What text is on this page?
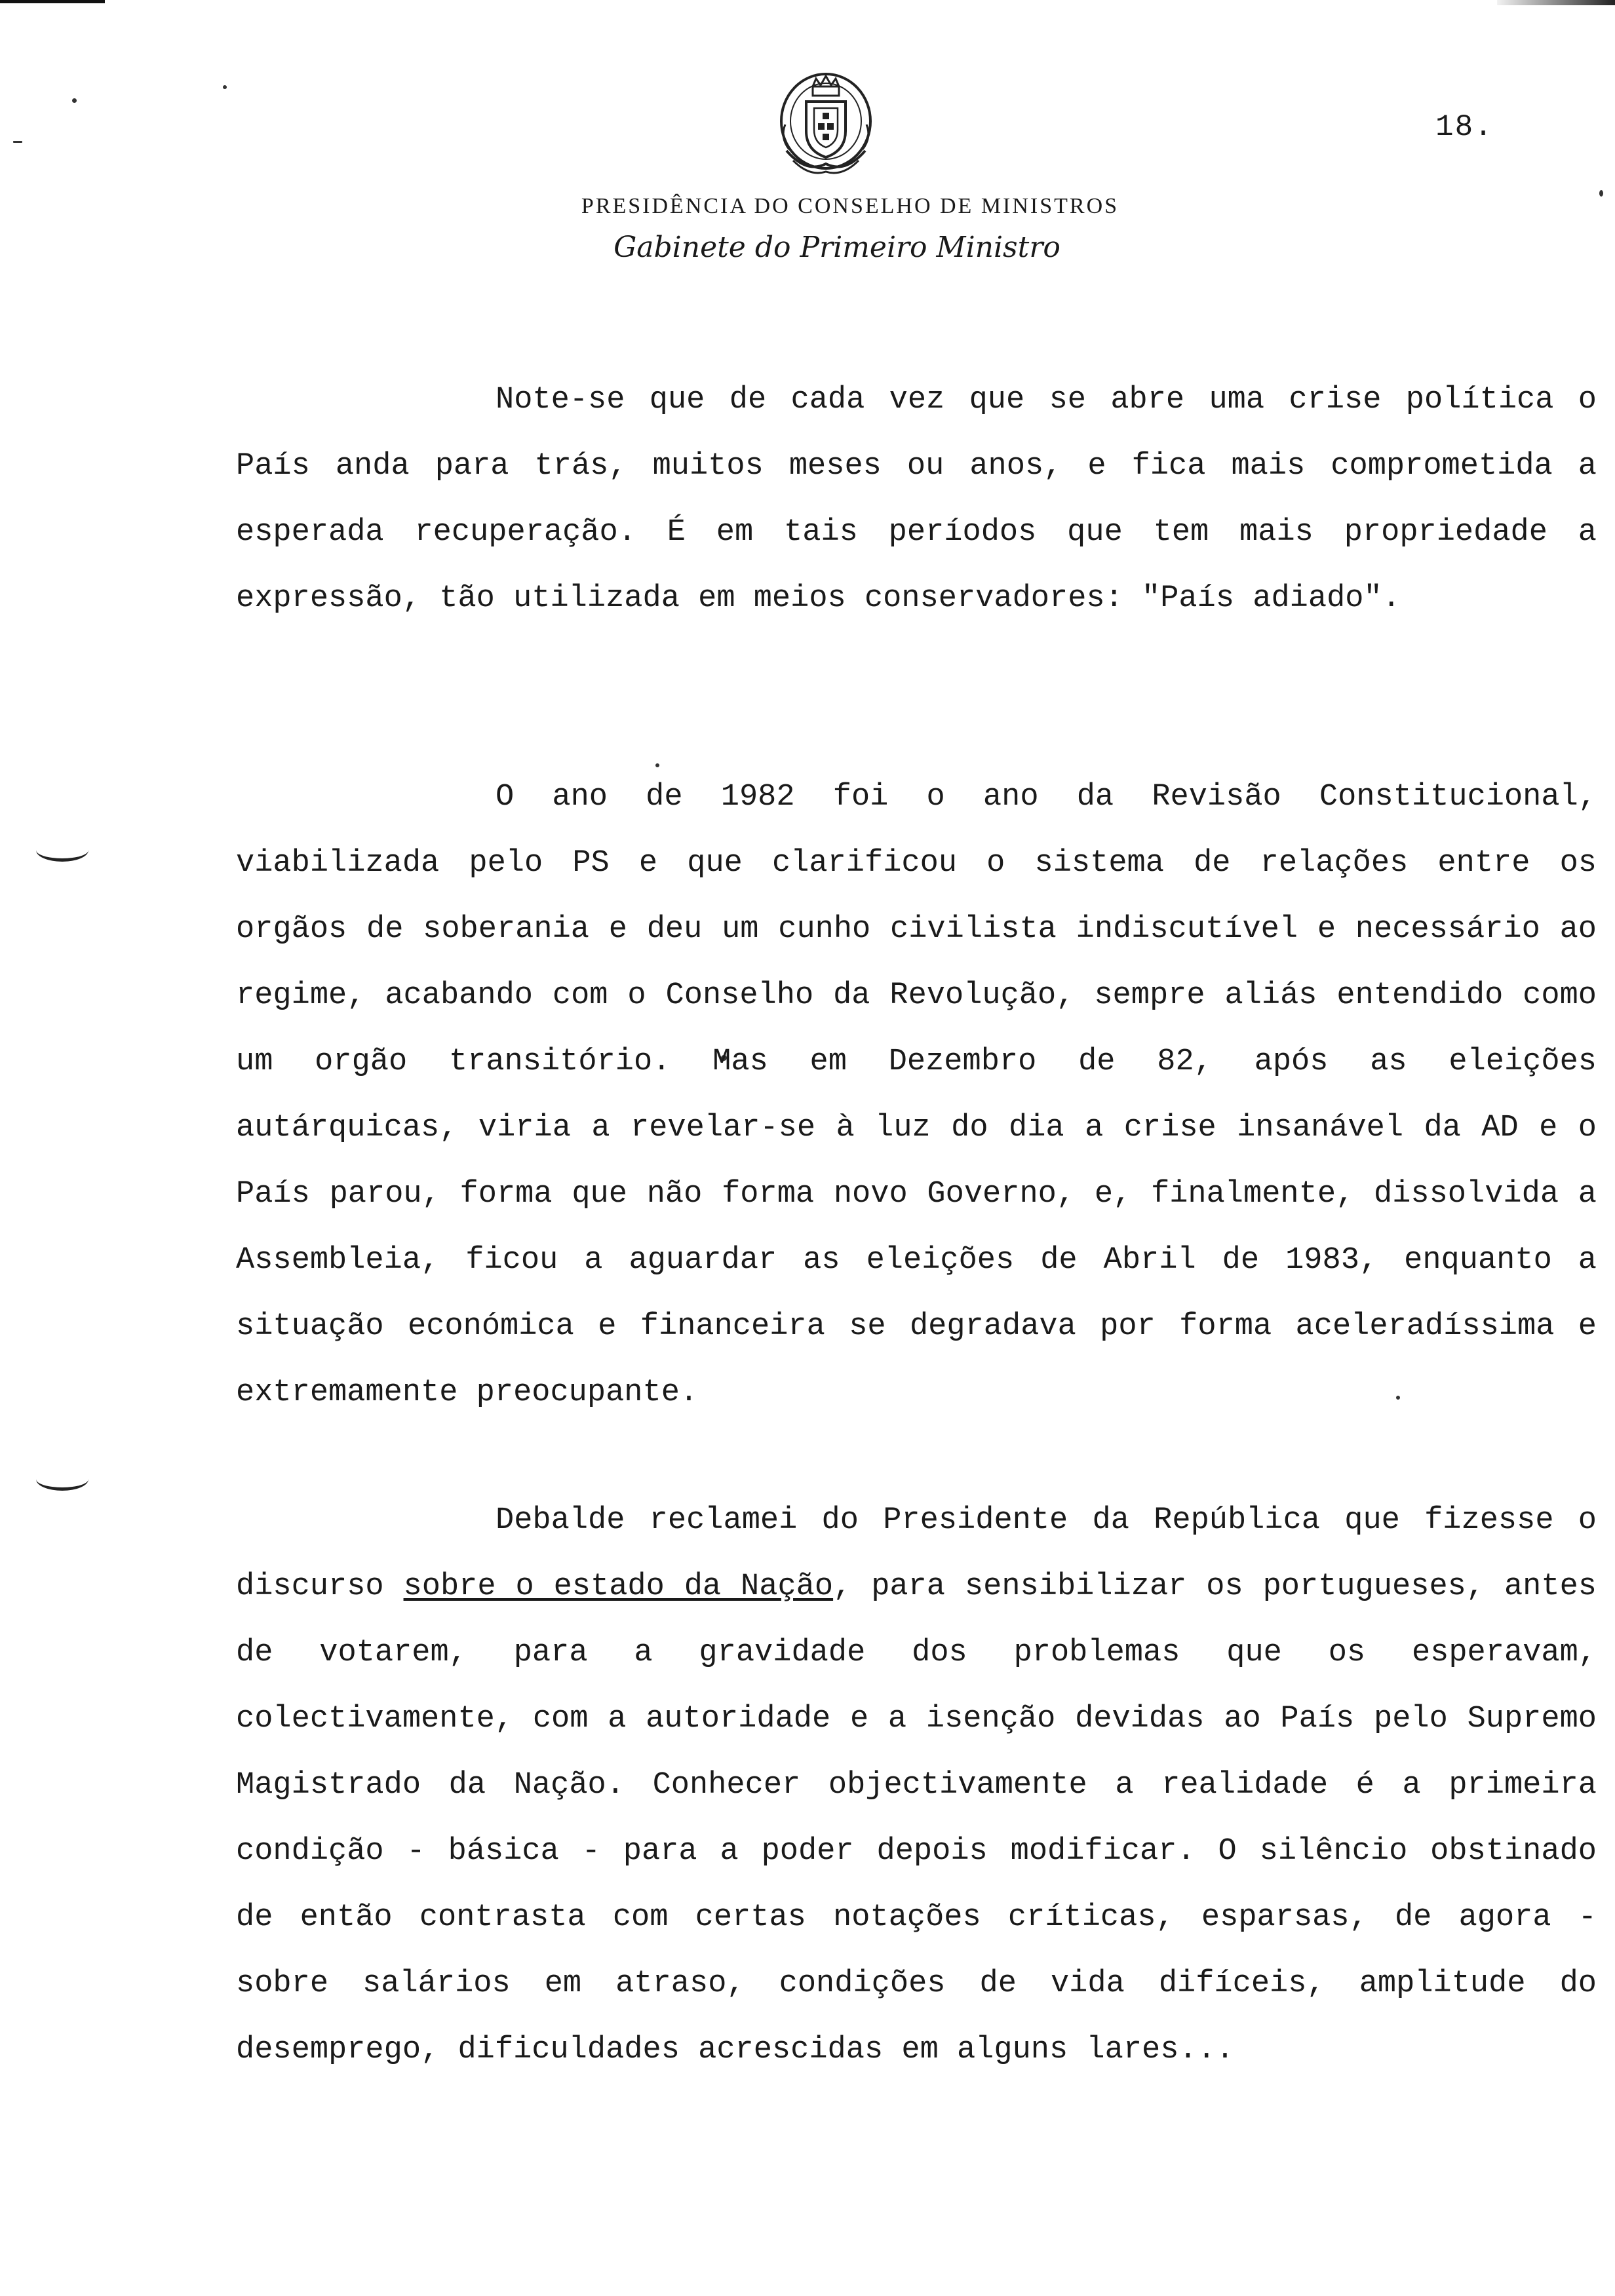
18.
PRESIDÊNCIA DO CONSELHO DE MINISTROS
Gabinete do Primeiro Ministro

Note-se que de cada vez que se abre uma crise política o País anda para trás, muitos meses ou anos, e fica mais comprometida a esperada recuperação. É em tais períodos que tem mais propriedade a expressão, tão utilizada em meios conservadores: "País adiado".

O ano de 1982 foi o ano da Revisão Constitucional, viabilizada pelo PS e que clarificou o sistema de relações entre os orgãos de soberania e deu um cunho civilista indiscutível e necessário ao regime, acabando com o Conselho da Revolução, sempre aliás entendido como um orgão transitório. Mas em Dezembro de 82, após as eleições autárquicas, viria a revelar-se à luz do dia a crise insanável da AD e o País parou, forma que não forma novo Governo, e, finalmente, dissolvida a Assembleia, ficou a aguardar as eleições de Abril de 1983, enquanto a situação económica e financeira se degradava por forma aceleradíssima e extremamente preocupante.

Debalde reclamei do Presidente da República que fizesse o discurso sobre o estado da Nação, para sensibilizar os portugueses, antes de votarem, para a gravidade dos problemas que os esperavam, colectivamente, com a autoridade e a isenção devidas ao País pelo Supremo Magistrado da Nação. Conhecer objectivamente a realidade é a primeira condição - básica - para a poder depois modificar. O silêncio obstinado de então contrasta com certas notações críticas, esparsas, de agora - sobre salários em atraso, condições de vida difíceis, amplitude do desemprego, dificuldades acrescidas em alguns lares...
